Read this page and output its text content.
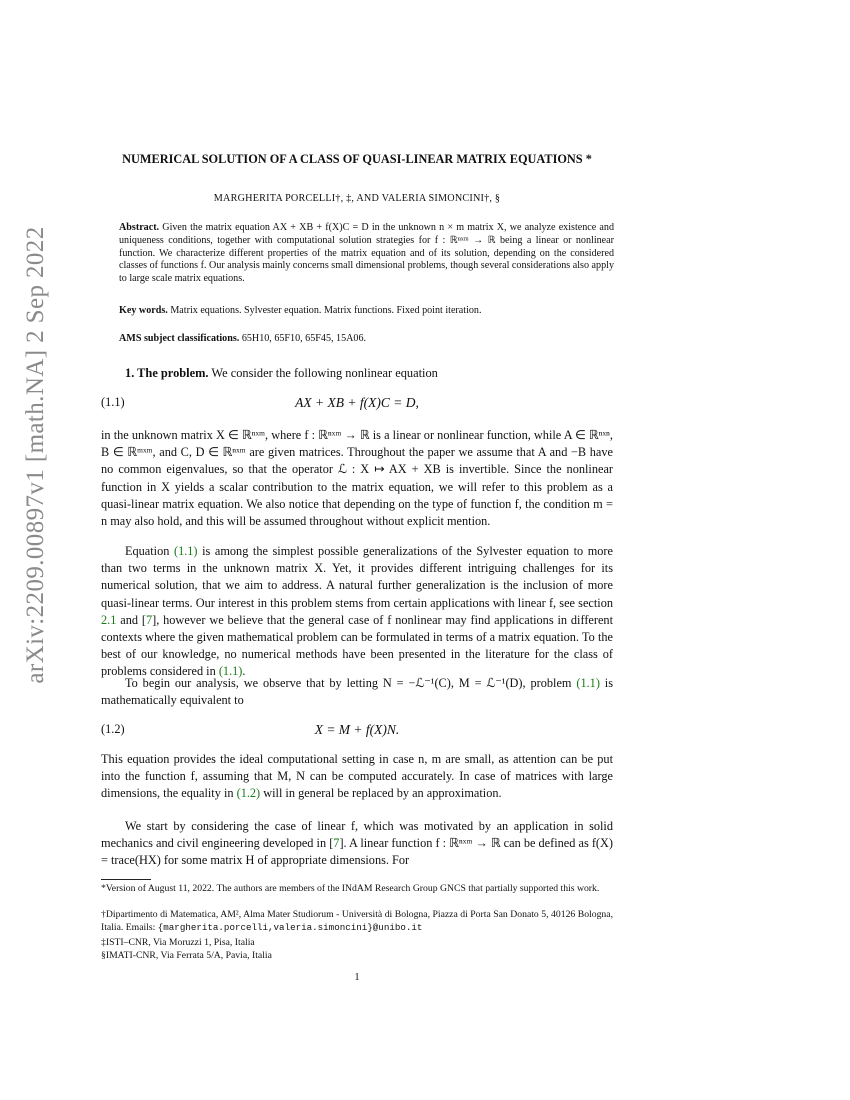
arXiv:2209.00897v1 [math.NA] 2 Sep 2022
NUMERICAL SOLUTION OF A CLASS OF QUASI-LINEAR MATRIX EQUATIONS *
MARGHERITA PORCELLI†, ‡, AND VALERIA SIMONCINI†, §
Abstract. Given the matrix equation AX + XB + f(X)C = D in the unknown n × m matrix X, we analyze existence and uniqueness conditions, together with computational solution strategies for f : ℝⁿˣᵐ → ℝ being a linear or nonlinear function. We characterize different properties of the matrix equation and of its solution, depending on the considered classes of functions f. Our analysis mainly concerns small dimensional problems, though several considerations also apply to large scale matrix equations.
Key words. Matrix equations. Sylvester equation. Matrix functions. Fixed point iteration.
AMS subject classifications. 65H10, 65F10, 65F45, 15A06.
1. The problem. We consider the following nonlinear equation
(1.1)	AX + XB + f(X)C = D,
in the unknown matrix X ∈ ℝⁿˣᵐ, where f : ℝⁿˣᵐ → ℝ is a linear or nonlinear function, while A ∈ ℝⁿˣⁿ, B ∈ ℝᵐˣᵐ, and C, D ∈ ℝⁿˣᵐ are given matrices. Throughout the paper we assume that A and −B have no common eigenvalues, so that the operator ℒ : X ↦ AX + XB is invertible. Since the nonlinear function in X yields a scalar contribution to the matrix equation, we will refer to this problem as a quasi-linear matrix equation. We also notice that depending on the type of function f, the condition m = n may also hold, and this will be assumed throughout without explicit mention.
Equation (1.1) is among the simplest possible generalizations of the Sylvester equation to more than two terms in the unknown matrix X. Yet, it provides different intriguing challenges for its numerical solution, that we aim to address. A natural further generalization is the inclusion of more quasi-linear terms. Our interest in this problem stems from certain applications with linear f, see section 2.1 and [7], however we believe that the general case of f nonlinear may find applications in different contexts where the given mathematical problem can be formulated in terms of a matrix equation. To the best of our knowledge, no numerical methods have been presented in the literature for the class of problems considered in (1.1).
To begin our analysis, we observe that by letting N = −ℒ⁻¹(C), M = ℒ⁻¹(D), problem (1.1) is mathematically equivalent to
(1.2)	X = M + f(X)N.
This equation provides the ideal computational setting in case n, m are small, as attention can be put into the function f, assuming that M, N can be computed accurately. In case of matrices with large dimensions, the equality in (1.2) will in general be replaced by an approximation.
We start by considering the case of linear f, which was motivated by an application in solid mechanics and civil engineering developed in [7]. A linear function f : ℝⁿˣᵐ → ℝ can be defined as f(X) = trace(HX) for some matrix H of appropriate dimensions. For
*Version of August 11, 2022. The authors are members of the INdAM Research Group GNCS that partially supported this work.
†Dipartimento di Matematica, AM², Alma Mater Studiorum - Università di Bologna, Piazza di Porta San Donato 5, 40126 Bologna, Italia. Emails: {margherita.porcelli,valeria.simoncini}@unibo.it
‡ISTI–CNR, Via Moruzzi 1, Pisa, Italia
§IMATI-CNR, Via Ferrata 5/A, Pavia, Italia
1
